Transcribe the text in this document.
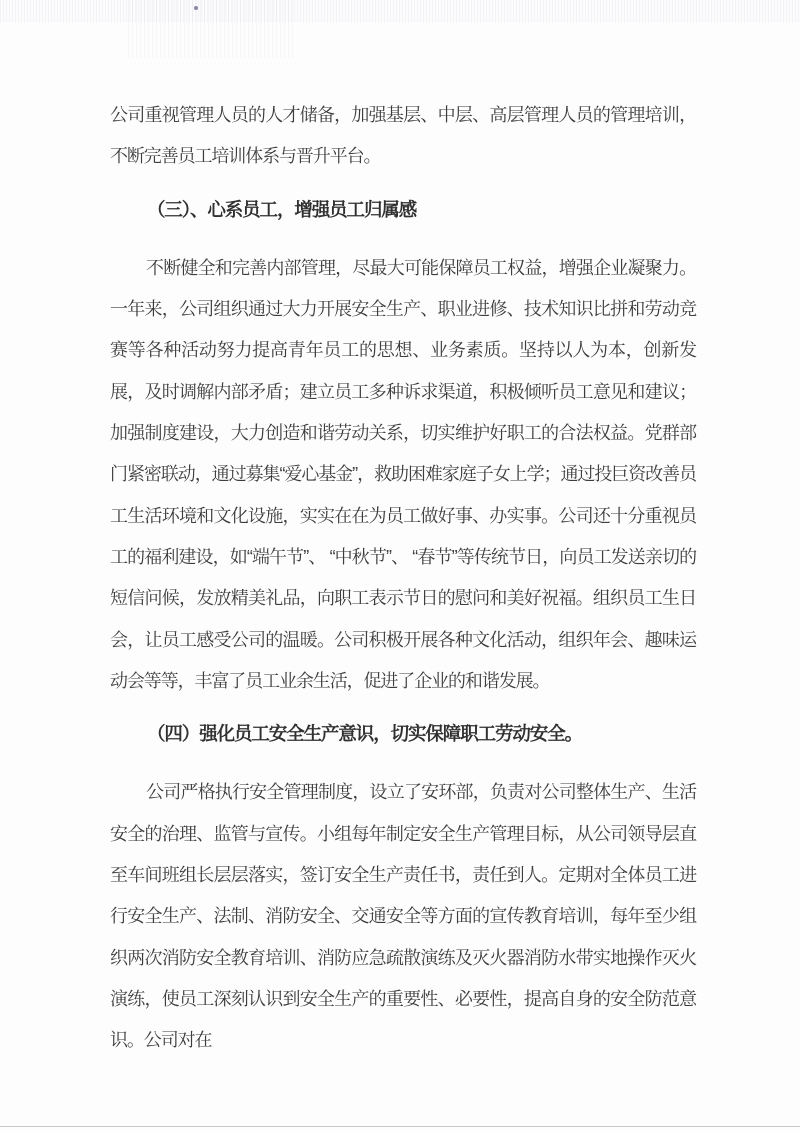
公司重视管理人员的人才储备，加强基层、中层、高层管理人员的管理培训，不断完善员工培训体系与晋升平台。

（三）、心系员工，增强员工归属感

不断健全和完善内部管理，尽最大可能保障员工权益，增强企业凝聚力。一年来，公司组织通过大力开展安全生产、职业进修、技术知识比拼和劳动竞赛等各种活动努力提高青年员工的思想、业务素质。坚持以人为本，创新发展，及时调解内部矛盾；建立员工多种诉求渠道，积极倾听员工意见和建议；加强制度建设，大力创造和谐劳动关系，切实维护好职工的合法权益。党群部门紧密联动，通过募集“爱心基金”，救助困难家庭子女上学；通过投巨资改善员工生活环境和文化设施，实实在在为员工做好事、办实事。公司还十分重视员工的福利建设，如“端午节”、 “中秋节”、 “春节”等传统节日，向员工发送亲切的短信问候，发放精美礼品，向职工表示节日的慰问和美好祝福。组织员工生日会，让员工感受公司的温暖。公司积极开展各种文化活动，组织年会、趣味运动会等等，丰富了员工业余生活，促进了企业的和谐发展。

（四）强化员工安全生产意识，切实保障职工劳动安全。

公司严格执行安全管理制度，设立了安环部，负责对公司整体生产、生活安全的治理、监管与宣传。小组每年制定安全生产管理目标，从公司领导层直至车间班组长层层落实，签订安全生产责任书，责任到人。定期对全体员工进行安全生产、法制、消防安全、交通安全等方面的宣传教育培训，每年至少组织两次消防安全教育培训、消防应急疏散演练及灭火器消防水带实地操作灭火演练，使员工深刻认识到安全生产的重要性、必要性，提高自身的安全防范意识。公司对在
